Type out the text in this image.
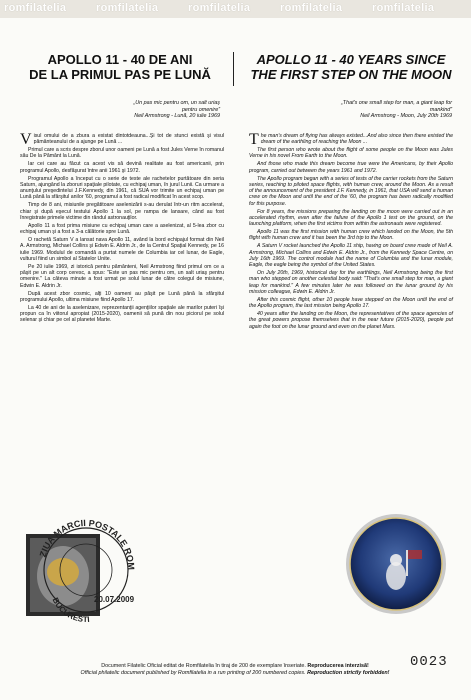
romfilatelia	romfilatelia	romfilatelia	romfilatelia	romfilatelia
APOLLO 11 - 40 DE ANI
DE LA PRIMUL PAS PE LUNĂ
APOLLO 11 - 40 YEARS SINCE
THE FIRST STEP ON THE MOON
„Un pas mic pentru om, un salt uriaş pentru omenire”
Neil Armstrong - Lună, 20 iulie 1969
„That's one small step for man, a giant leap for mankind”
Neil Armstrong - Moon, July 20th 1969

Visul omului de a zbura a existat dintotdeauna...Şi tot de stunci există şi visul pământeanului de a ajunge pe Lună ...

Primul care a scris despre zborul unor oameni pe Lună a fost Jules Verne în romanul său De la Pământ la Lună.

Iar cei care au făcut ca acest vis să devină realitate au fost americanii, prin programul Apollo, desfăşurat între anii 1961 şi 1972.

Programul Apollo a început cu o serie de teste ale rachetelor purtătoare din seria Saturn, ajungând la zboruri spaţiale pilotate, cu echipaj uman, în jurul Lunii. Ca urmare a anunţului preşedintelui J.F.Kennedy, din 1961, că SUA vor trimite un echipaj uman pe Lună până la sfârşitul anilor '60, programul a fost radical modificat în acest scop.

Timp de 8 ani, misiunile pregătitoare aselenizării s-au derulat într-un ritm accelerat, chiar şi după eşecul testului Apollo 1 la sol, pe rampa de lansare, când au fost înregistrate primele victime din rândul astronauţilor.

Apollo 11 a fost prima misiune cu echipaj uman care a aselenizat, al 5-lea zbor cu echipaj uman şi a fost a 3-a călătorie spre Lună.

O rachetă Saturn V a lansat nava Apollo 11, având la bord echipajul format din Neil A. Armstrong, Michael Collins şi Edwin E. Aldrin Jr., de la Centrul Spaţial Kennedy, pe 16 iulie 1969. Modulul de comandă a purtat numele de Columbia iar cel lunar, de Eagle, vulturul fiind un simbol al Statelor Unite.

Pe 20 iulie 1969, zi istorică pentru pământeni, Neil Armstrong fiind primul om ce a păşit pe un alt corp ceresc, a spus: "Este un pas mic pentru om, un salt uriaş pentru omenire." La câteva minute a fost urmat pe solul lunar de către colegul de misiune, Edwin E. Aldrin Jr.

După acest zbor cosmic, alţi 10 oameni au păşit pe Lună până la sfârşitul programului Apollo, ultima misiune fiind Apollo 17.

La 40 de ani de la aselenizare, reprezentanţii agenţiilor spaţiale ale marilor puteri îşi propun ca în viitorul apropiat (2015-2020), oamenii să pună din nou piciorul pe solul selenar şi chiar pe cel al planetei Marte.

The man's dream of flying has always existed...And also since then there existed the dream of the earthling of reaching the Moon ...

The first person who wrote about the flight of some people on the Moon was Jules Verne in his novel From Earth to the Moon.

And those who made this dream become true were the Americans, by their Apollo program, carried out between the years 1961 and 1972.

The Apollo program began with a series of tests of the carrier rockets from the Saturn series, reaching to piloted space flights, with human crew, around the Moon. As a result of the announcement of the president J.F. Kennedy, in 1961, that USA will send a human crew on the Moon and until the end of the '60, the program has been radically modified for this purpose.

For 8 years, the missions preparing the landing on the moon were carried out in an accelerated rhythm, even after the failure of the Apollo 1 test on the ground, on the launching platform, when the first victims from within the astronauts were registered.

Apollo 11 was the first mission with human crew which landed on the Moon, the 5th flight with human crew and it has been the 3rd trip to the Moon.

A Saturn V rocket launched the Apollo 11 ship, having on board crew made of Neil A. Armstrong, Michael Collins and Edwin E. Aldrin Jr., from the Kennedy Space Centre, on July 16th 1969. The control module had the name of Columbia and the lunar module, Eagle, the eagle being the symbol of the United States.

On July 20th, 1969, historical day for the earthlings, Neil Armstrong being the first man who stepped on another celestial body said: "That's one small step for man, a giant leap for mankind." A few minutes later he was followed on the lunar ground by his mission colleague, Edwin E. Aldrin Jr.

After this cosmic flight, other 10 people have stepped on the Moon until the end of the Apollo program, the last mission being Apollo 17.

40 years after the landing on the Moon, the representatives of the space agencies of the great powers propose themselves that in the near future (2015-2020), people put again the foot on the lunar ground and even on the planet Mars.

ZIUA MARCII POSTALE ROM
BUCURESTI
20.07.2009
Document Filatelic Oficial editat de Romfilatelia în tiraj de 200 de exemplare înseriate. Reproducerea interzisă!
Official philatelic document published by Romfilatelia in a run printing of 200 numbered copies. Reproduction strictly forbidden!
0023
